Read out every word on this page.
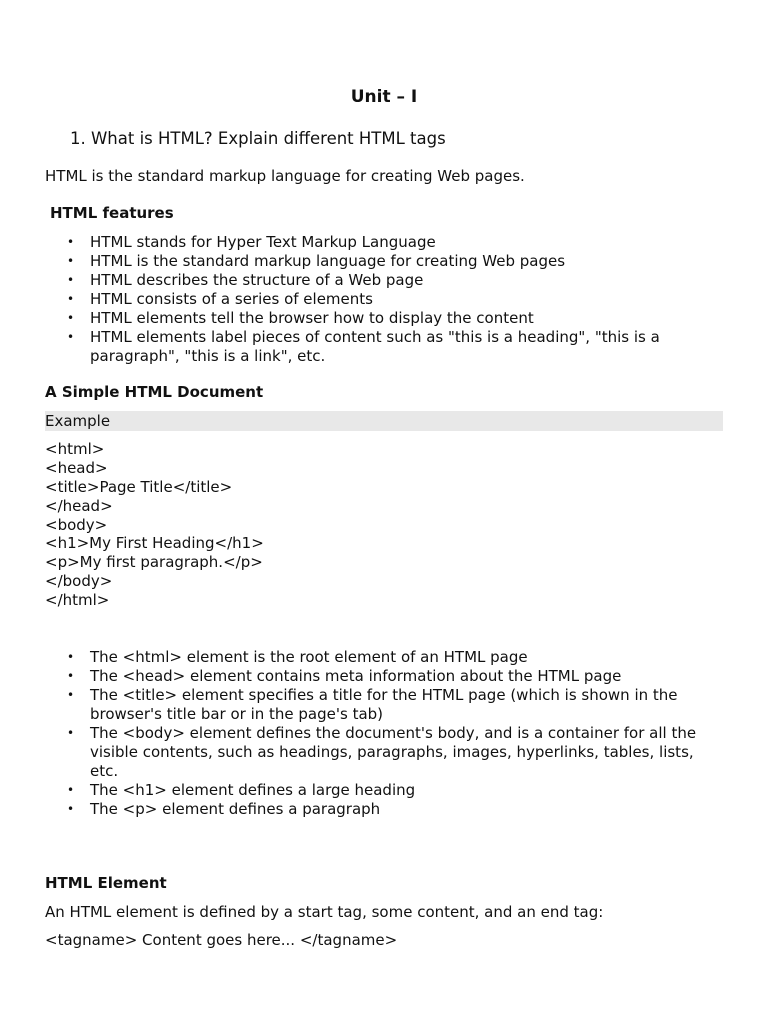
Unit – I
1. What is HTML? Explain different HTML tags
HTML is the standard markup language for creating Web pages.
HTML features
• HTML stands for Hyper Text Markup Language
• HTML is the standard markup language for creating Web pages
• HTML describes the structure of a Web page
• HTML consists of a series of elements
• HTML elements tell the browser how to display the content
• HTML elements label pieces of content such as "this is a heading", "this is a paragraph", "this is a link", etc.
A Simple HTML Document
Example
<html>
<head>
<title>Page Title</title>
</head>
<body>
<h1>My First Heading</h1>
<p>My first paragraph.</p>
</body>
</html>
• The <html> element is the root element of an HTML page
• The <head> element contains meta information about the HTML page
• The <title> element specifies a title for the HTML page (which is shown in the browser's title bar or in the page's tab)
• The <body> element defines the document's body, and is a container for all the visible contents, such as headings, paragraphs, images, hyperlinks, tables, lists, etc.
• The <h1> element defines a large heading
• The <p> element defines a paragraph
HTML Element
An HTML element is defined by a start tag, some content, and an end tag:
<tagname> Content goes here... </tagname>
